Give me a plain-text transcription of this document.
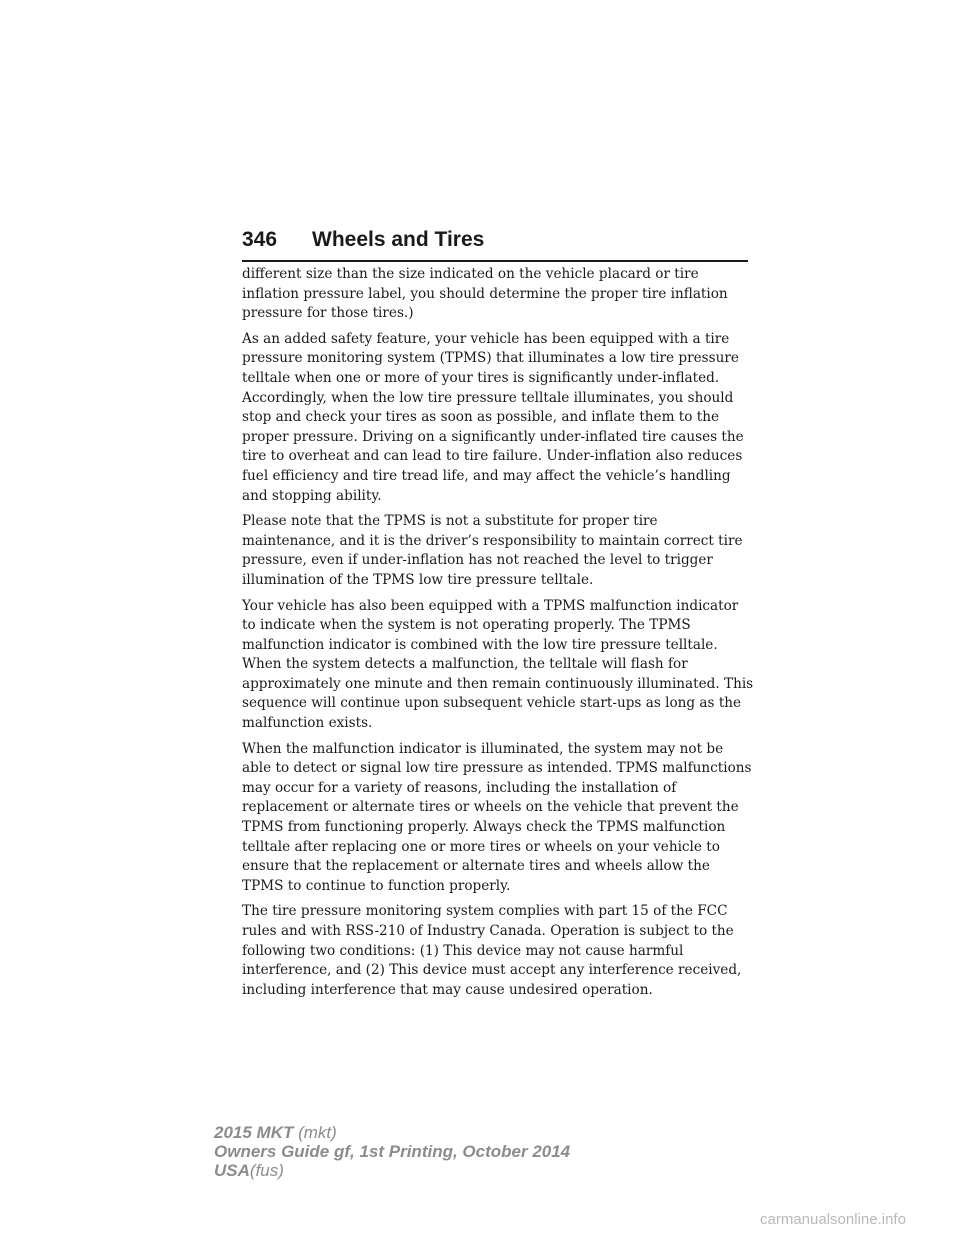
346	Wheels and Tires

different size than the size indicated on the vehicle placard or tire inflation pressure label, you should determine the proper tire inflation pressure for those tires.)

As an added safety feature, your vehicle has been equipped with a tire pressure monitoring system (TPMS) that illuminates a low tire pressure telltale when one or more of your tires is significantly under-inflated. Accordingly, when the low tire pressure telltale illuminates, you should stop and check your tires as soon as possible, and inflate them to the proper pressure. Driving on a significantly under-inflated tire causes the tire to overheat and can lead to tire failure. Under-inflation also reduces fuel efficiency and tire tread life, and may affect the vehicle’s handling and stopping ability.

Please note that the TPMS is not a substitute for proper tire maintenance, and it is the driver’s responsibility to maintain correct tire pressure, even if under-inflation has not reached the level to trigger illumination of the TPMS low tire pressure telltale.

Your vehicle has also been equipped with a TPMS malfunction indicator to indicate when the system is not operating properly. The TPMS malfunction indicator is combined with the low tire pressure telltale. When the system detects a malfunction, the telltale will flash for approximately one minute and then remain continuously illuminated. This sequence will continue upon subsequent vehicle start-ups as long as the malfunction exists.

When the malfunction indicator is illuminated, the system may not be able to detect or signal low tire pressure as intended. TPMS malfunctions may occur for a variety of reasons, including the installation of replacement or alternate tires or wheels on the vehicle that prevent the TPMS from functioning properly. Always check the TPMS malfunction telltale after replacing one or more tires or wheels on your vehicle to ensure that the replacement or alternate tires and wheels allow the TPMS to continue to function properly.

The tire pressure monitoring system complies with part 15 of the FCC rules and with RSS-210 of Industry Canada. Operation is subject to the following two conditions: (1) This device may not cause harmful interference, and (2) This device must accept any interference received, including interference that may cause undesired operation.

2015 MKT (mkt)
Owners Guide gf, 1st Printing, October 2014
USA(fus)
carmanualsonline.info
